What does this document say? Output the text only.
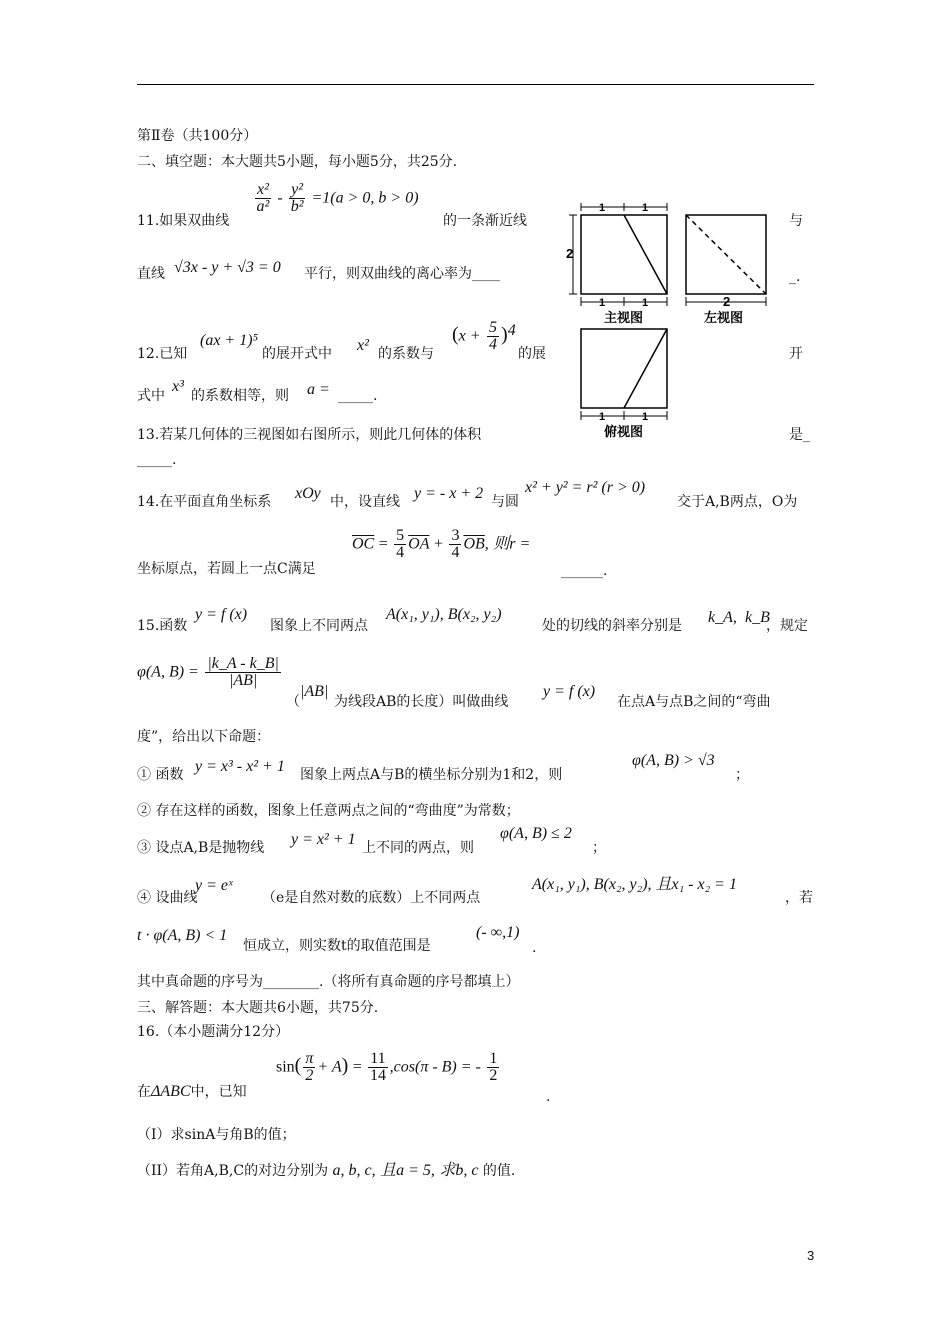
第Ⅱ卷（共100分）
二、填空题：本大题共5小题，每小题5分，共25分.
11.如果双曲线
$\frac{\text{x²}}{\text{a²}} - \frac{\text{y²}}{\text{b²}} =1(a > 0$, b > 0)
的一条渐近线	与
直线 √3x - y + √3 = 0 平行，则双曲线的离心率为____	_.
12.已知
(ax + 1)⁵
的展开式中 x² 的系数与
$(x + \frac{5}{4} )^4$
的展	开
式中
x³
的系数相等，则 a = _____.
13.若某几何体的三视图如右图所示，则此几何体的体积	是_
_____.
1	1
2
1	1	2
1	1
主视图	左视图
俯视图
14.在平面直角坐标系 xOy 中，设直线 y = - x + 2 与圆
x² + y² = r² (r > 0)
交于A,B两点，O为
坐标原点，若圆上一点C满足
$\overline{OC} = \frac{5}{4} \overline{OA} + \frac{3}{4} \overline{OB}$, 则r =
______.
15.函数
y = f (x)
图象上不同两点
A(x₁, y₁), B(x₂, y₂)
处的切线的斜率分别是 k_A, k_B
，规定
φ(A, $B) = \frac{|k\_A - k\_B|}{|AB|}$
（
|AB|
为线段AB的长度）叫做曲线
y = f (x)
在点A与点B之间的“弯曲
度”，给出以下命题：
① 函数 y = x³ - x² + 1 图象上两点A与B的横坐标分别为1和2，则
φ(A, B) > √3
；
② 存在这样的函数，图象上任意两点之间的“弯曲度”为常数；
③ 设点A,B是抛物线 y = x² + 1 上不同的两点，则
φ(A, B) ≤ 2
；
④ 设曲线
y = eˣ
（e是自然对数的底数）上不同两点
A(x₁, y₁), B(x₂, y₂), 且x₁ - x₂ = 1
，若
t · φ(A, B) < 1
恒成立，则实数t的取值范围是
(- ∞,1)
.
其中真命题的序号为________.（将所有真命题的序号都填上）
三、解答题：本大题共6小题，共75分.
16.（本小题满分12分）
在ΔABC中，已知
$\sin( \frac{\pi}{2} + A) = \frac{11}{14} ,\cos(\pi - B)$ = - $\frac{1}{2}$
.
（I）求sinA与角B的值；
（II）若角A,B,C的对边分别为 a, b, c, 且a = 5, 求b, c 的值.
3
